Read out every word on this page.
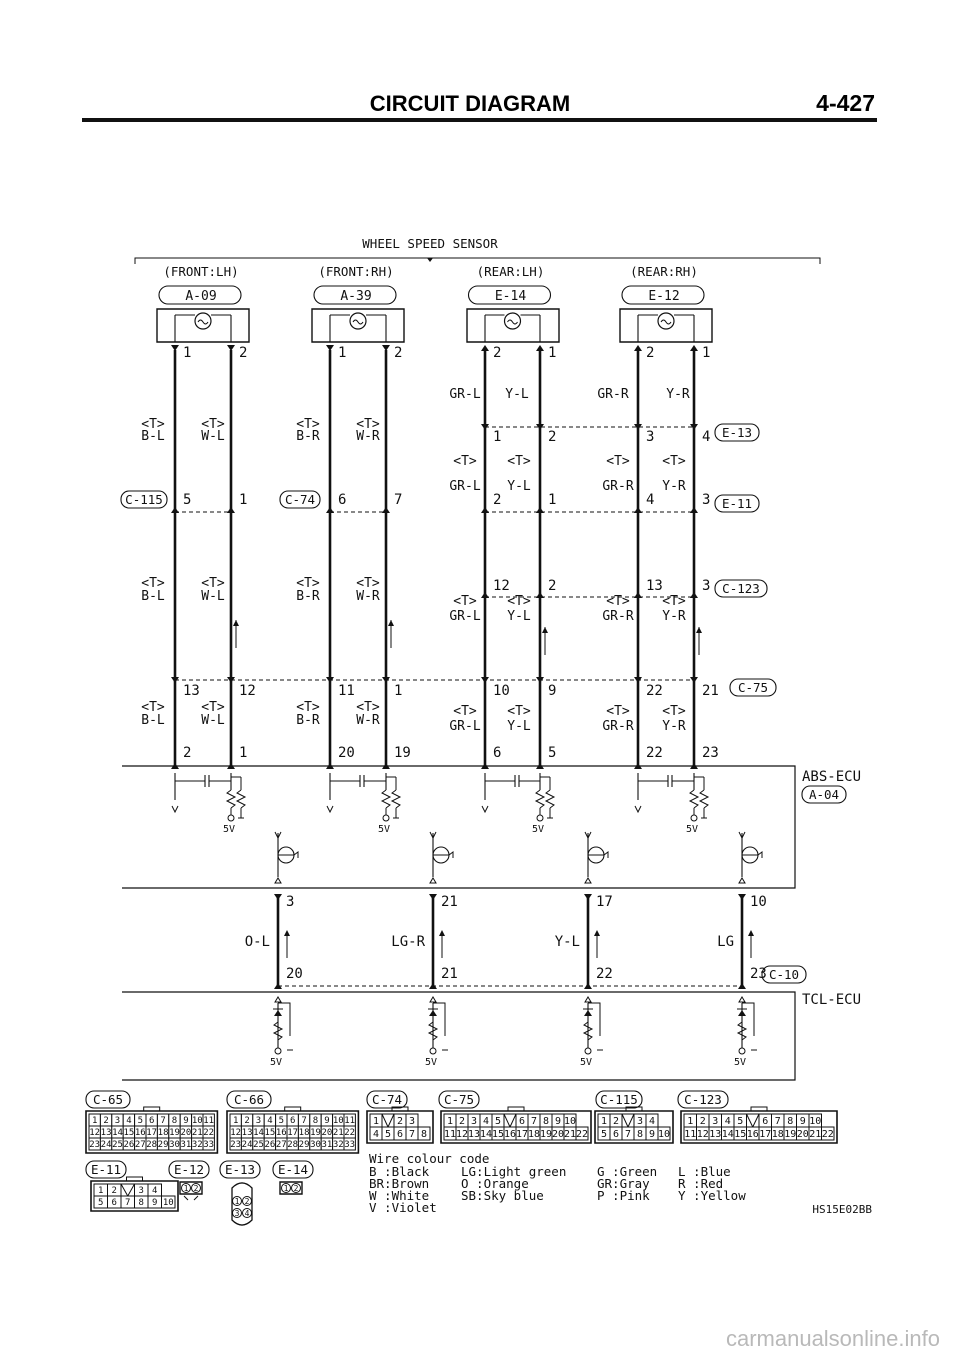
CIRCUIT DIAGRAM	4-427
WHEEL SPEED SENSOR
(FRONT:LH)
A-09
1	2
(FRONT:RH)
A-39
1	2
(REAR:LH)
E-14
2	1
(REAR:RH)
E-12
2	1
<T>
B-L
<T>
W-L
<T>
B-L
<T>
W-L
<T>
B-L
<T>
W-L
<T>
B-R
<T>
W-R
<T>
B-R
<T>
W-R
<T>
B-R
<T>
W-R
GR-L Y-L	GR-R	Y-R
<T>
GR-L
<T>
Y-L
<T>
GR-R
<T>
Y-R
<T>
GR-L
<T>
Y-L
<T>
GR-R
<T>
Y-R
<T>
GR-L
<T>
Y-L
<T>
GR-R
<T>
Y-R
1	2	3	4 E-13
2	1	4	3 E-11
12	2	13	3 C-123
5	1	6	7
C-115	C-74
13	12	11	1	10	9	22	21 C-75
2	1	20	19	6	5	22	23
ABS-ECU
A-04
5V	5V	5V	5V
3
O-L
20
21
LG-R
21
17
Y-L
22
10
LG
23 C-10
TCL-ECU
5V	5V	5V	5V
C-65
1 2 3 4 5 6 7 8 9 10 11
12 13 14 15 16 17 18 19 20 21 22
23 24 25 26 27 28 29 30 31 32 33
C-66
1 2 3 4 5 6 7 8 9 10 11
12 13 14 15 16 17 18 19 20 21 22
23 24 25 26 27 28 29 30 31 32 33
C-74
1 2 3
4 5 6 7 8
C-75
1 2 3 4 5 6 7 8 9 10
11 12 13 14 15 16 17 18 19 20 21 22
C-115
1 2 3 4
5 6 7 8 9 10
C-123
1 2 3 4 5 6 7 8 9 10
11 12 13 14 15 16 17 18 19 20 21 22
E-11
1 2 3 4
5 6 7 8 9 10
E-12
1 2
E-13
1 2
3 4
E-14
1 2
Wire colour code
B :Black	LG:Light green G :Green L :Blue
BR:Brown	O :Orange	GR:Gray R :Red
W :White	SB:Sky blue	P :Pink Y :Yellow
V :Violet	HS15E02BB
carmanualsonline.info
